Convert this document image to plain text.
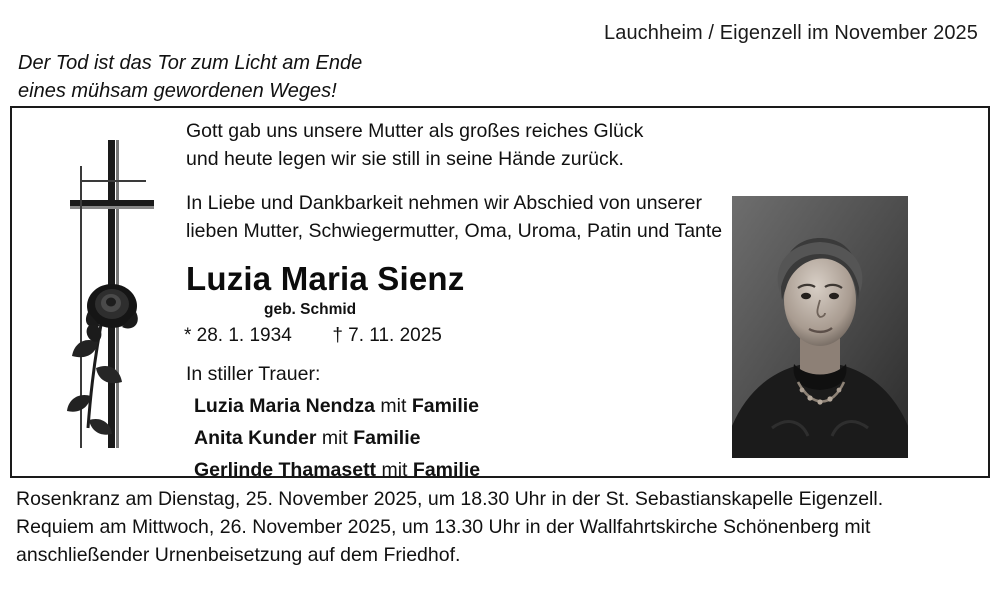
Lauchheim / Eigenzell im November 2025
Der Tod ist das Tor zum Licht am Ende
eines mühsam gewordenen Weges!
Gott gab uns unsere Mutter als großes reiches Glück
und heute legen wir sie still in seine Hände zurück.
In Liebe und Dankbarkeit nehmen wir Abschied von unserer
lieben Mutter, Schwiegermutter, Oma, Uroma, Patin und Tante
Luzia Maria Sienz
geb. Schmid
* 28. 1. 1934 † 7. 11. 2025
In stiller Trauer:
Luzia Maria Nendza mit Familie
Anita Kunder mit Familie
Gerlinde Thamasett mit Familie
Rosenkranz am Dienstag, 25. November 2025, um 18.30 Uhr in der St. Sebastianskapelle Eigenzell.
Requiem am Mittwoch, 26. November 2025, um 13.30 Uhr in der Wallfahrtskirche Schönenberg mit
anschließender Urnenbeisetzung auf dem Friedhof.
